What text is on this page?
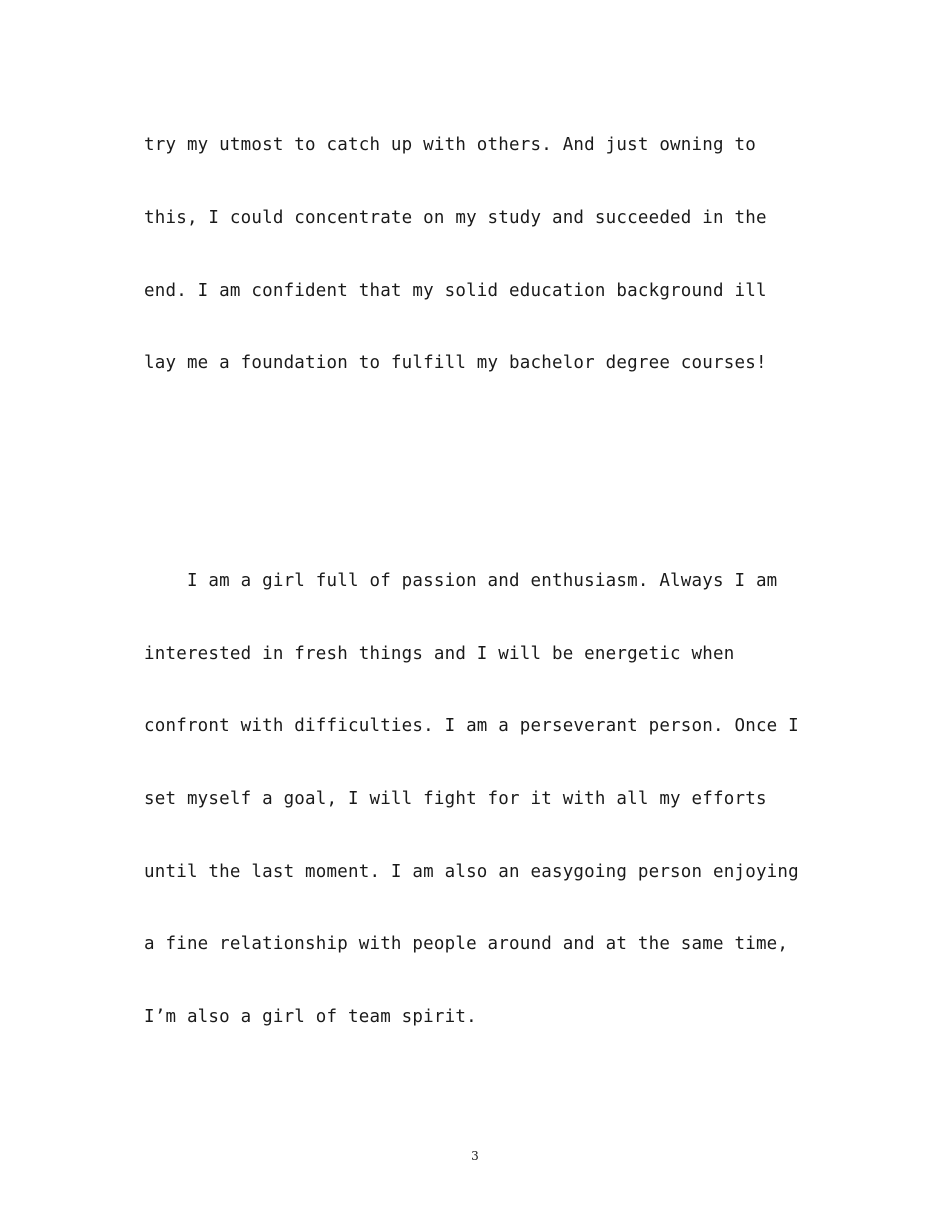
try my utmost to catch up with others. And just owning to
this, I could concentrate on my study and succeeded in the
end. I am confident that my solid education background ill
lay me a foundation to fulfill my bachelor degree courses!
I am a girl full of passion and enthusiasm. Always I am
interested in fresh things and I will be energetic when
confront with difficulties. I am a perseverant person. Once I
set myself a goal, I will fight for it with all my efforts
until the last moment. I am also an easygoing person enjoying
a fine relationship with people around and at the same time,
I’m also a girl of team spirit.
3
